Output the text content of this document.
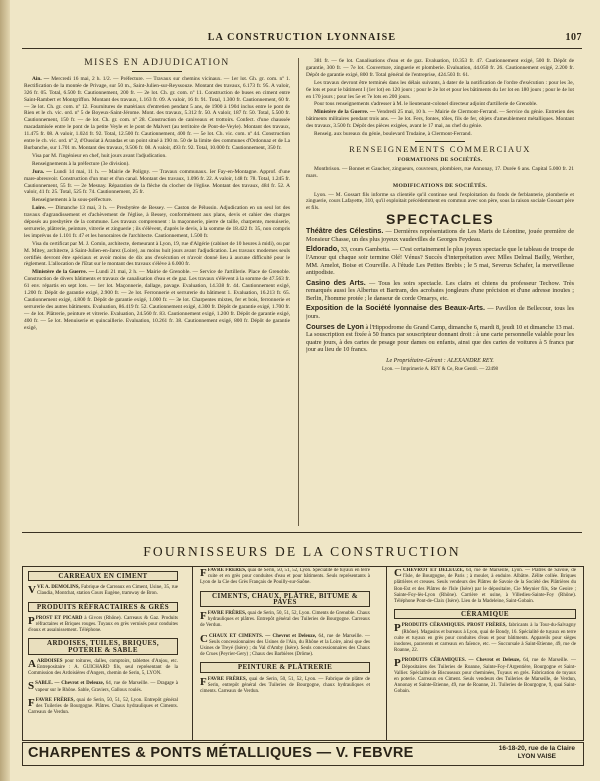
LA CONSTRUCTION LYONNAISE	107
MISES EN ADJUDICATION
Ain. — Mercredi 16 mai, 2 h. 1/2. — Préfecture. — Travaux sur chemins vicinaux. — 1er lot. Gh. gr. com. nº 1. Rectification de la montée de Privage, sur 50 m., Saint-Julien-sur-Reyssouze. Montant des travaux, 6.173 fr. 95. A valoir, 326 fr. 05. Total, 6.500 fr. Cautionnement, 200 fr. — 2e lot. Ch. gr. com. nº 11. Construction de buses en ciment entre Saint-Rambert et Montgriffon. Montant des travaux, 1.163 fr. 09. A valoir, 16 fr. 91. Total, 1.300 fr. Cautionnement, 60 fr. — 3e lot. Ch. gr. com. nº 12. Fournitures de matériaux d'entretien pendant 5 ans, de 1900 à 1904 inclus entre le pont de Rien et le ch. vic. ord. nº 5 de Boyeux-Saint-Jérome. Mont. des travaux, 5.312 fr. 50. A valoir, 187 fr. 50. Total, 5.500 fr. Cautionnement, 150 fr. — 4e lot. Ch. gr. com. nº 28. Construction de caniveaux et trottoirs. Confect. d'une chaussée macadamisée entre le pont de la petite Veyle et le pont de Malvert (au territoire de Pont-de-Veyle). Montant des travaux, 11.475 fr. 08. A valoir, 1.024 fr. 92. Total, 12.500 fr. Cautionnement, 400 fr. — 5e lot. Ch. vic. com. nº 44. Construction entre le ch. vic. ord. nº 2, d'Oussiat à Arandas et un point situé à 190 m. 50 de la limite des communes d'Ordonnaz et de La Burbanche, sur 1.701 m. Montant des travaux, 9.506 fr. 08. A valoir, 493 fr. 92. Total, 10.000 fr. Cautionnement, 350 fr.
Visa par M. l'ingénieur en chef, huit jours avant l'adjudication.
Renseignements à la préfecture (3e division).
Jura. — Lundi 14 mai, 11 h. — Mairie de Poligny. — Travaux communaux. Ier Fay-en-Montagne. Approf. d'une mare-abreuvoir. Construction d'un mur et d'un canal. Montant des travaux, 1.096 fr. 22. A valoir, 148 fr. 78. Total, 1.245 fr. Cautionnement, 55 fr. — 2e Mesnay. Réparation de la flèche du clocher de l'église. Montant des travaux, 484 fr. 52. A valoir, 41 fr. 25. Total, 525 fr. 74. Cautionnement, 25 fr.
Renseignements à la sous-préfecture.
Loire. — Dimanche 13 mai, 3 h. — Presbytère de Bessey. — Caston de Pélussin. Adjudication en un seul lot des travaux d'agrandissement et d'achèvement de l'église, à Bessey, conformément aux plans, devis et cahier des charges déposés au presbytère de la commune. Les travaux comprennent : la maçonnerie, pierre de taille, charpente, menuiserie, serrurerie, plâtrerie, peinture, vitrerie et zinguerie ; ils s'élèvent, d'après le devis, à la somme de 18.422 fr. 35, non compris les imprévus de 1.101 fr. 47 et les honoraires de l'architecte. Cautionnement, 1.500 fr.
Visa du certificat par M. J. Comin, architecte, demeurant à Lyon, 19, rue d'Algérie (cabinet de 10 heures à midi), ou par M. Mitey, architecte, à Saint-Julien-en-Jarez (Loire), au moins huit jours avant l'adjudication. Les travaux modernes seuls certifiés devront être spéciaux et avoir moins de dix ans d'exécution et n'avoir donné lieu à aucune difficulté pour le règlement. L'allocation de l'Etat sur le montant des travaux s'élève à 6.000 fr.
Ministère de la Guerre. — Lundi 21 mai, 2 h. — Mairie de Grenoble. — Service de l'artillerie. Place de Grenoble. Construction de divers bâtiments et travaux de canalisation d'eau et de gaz. Les travaux s'élèvent à la somme de 47.563 fr. 61 env. répartis en sept lots. — 1er lot. Maçonnerie, dallage, pavage. Evaluation, 14.338 fr. 44. Cautionnement exigé, 1.200 fr. Dépôt de garantie exigé, 2.900 fr. — 2e lot. Ferronnerie et serrurerie du bâtiment 1. Evaluation, 16.213 fr. 65. Cautionnement exigé, 4.800 fr. Dépôt de garantie exigé, 1.000 fr. — 3e lot. Charpentes mixtes, fer et bois, ferronnerie et serrurerie des autres bâtiments. Evaluation, 86.419 fr. 52. Cautionnement exigé, 4.300 fr. Dépôt de garantie exigé, 1.700 fr. — 4e lot. Plâtrerie, peinture et vitrerie. Evaluation, 24.560 fr. 83. Cautionnement exigé, 1.200 fr. Dépôt de garantie exigé, 400 fr. — 5e lot. Menuiserie et quincaillerie. Evaluation, 10.261 fr. 38. Cautionnement exigé, 800 fr. Dépôt de garantie exigé,
381 fr. — 6e lot. Canalisations d'eau et de gaz. Evaluation, 10.353 fr. 47. Cautionnement exigé, 500 fr. Dépôt de garantie, 300 fr. — 7e lot. Couverture, zinguerie et plomberie. Evaluation, 44.050 fr. 26. Cautionnement exigé, 2.200 fr. Dépôt de garantie exigé, 800 fr. Total général de l'entreprise, 424.503 fr. 61.
Les travaux devront être terminés dans les délais suivants, à dater de la notification de l'ordre d'exécution : pour les 3e, 6e lots et pour le bâtiment I (1er lot) en 120 jours ; pour le 2e lot et pour les bâtiments du 1er lot en 180 jours ; pour le 4e lot en 170 jours ; pour les 5e et 7e lots en 200 jours.
Pour tous renseignements s'adresser à M. le lieutenant-colonel directeur adjoint d'artillerie de Grenoble.
Ministère de la Guerre. — Vendredi 25 mai, 10 h. — Mairie de Clermont-Ferrand. — Service du génie. Entretien des bâtiments militaires pendant trois ans. — 3e lot. Fers, fontes, tôles, fils de fer, objets d'ameublement métalliques. Montant des travaux, 3.500 fr. Dépôt des pièces exigées, avant le 17 mai, au chef du génie.
Renseig. aux bureaux du génie, boulevard Trudaine, à Clermont-Ferrand.
RENSEIGNEMENTS COMMERCIAUX
FORMATIONS DE SOCIÉTÉS.
Montbrison. — Bonnet et Gaucher, zingueurs, couvreurs, plombiers, rue Annonay, 17. Durée 6 ans. Capital 5.000 fr. 21 mars.
MODIFICATIONS DE SOCIÉTÉS.
Lyon. — M. Gossart fils informe sa clientèle qu'il continue seul l'exploitation du fonds de ferblanterie, plomberie et zinguerie, cours Lafayette, 310, qu'il exploitait précédemment en commun avec son père, sous la raison sociale Gossart père et fils.
SPECTACLES
Théâtre des Célestins. — Dernières représentations de Les Maris de Léontine, jouée première de Monsieur Chasse, un des plus joyeux vaudevilles de Georges Feydeau.
Eldorado, 33, cours Gambetta. — C'est certainement le plus joyeux spectacle que le tableau de troupe de l'Amour qui chaque soir termine Olé! Vénus? Succès d'interprétation avec Mlles Delmal Bailly, Werther, MM. Amelot, Boise et Courville. A l'étude Les Petites Brebis ; le 5 mai, Severus Schafer, la merveilleuse antipodiste.
Casino des Arts. — Tous les soirs spectacle. Les clairs et chiens du professeur Techow. Très remarqués aussi les Albertus et Bartram, des acrobates jongleurs d'une précision et d'une adresse inouïes ; Berlin, l'homme protée ; le danseur de corde Omarys, etc.
Exposition de la Société lyonnaise des Beaux-Arts. — Pavillon de Bellecour, tous les jours.
Courses de Lyon à l'Hippodrome du Grand Camp, dimanche 6, mardi 8, jeudi 10 et dimanche 13 mai. La souscription est fixée à 50 francs par souscripteur donnant droit : à une carte personnelle valable pour les quatre jours, à des cartes de pesage pour dames ou enfants, ainsi que des cartes de voitures à 5 francs par jour au lieu de 10 francs.
Le Propriétaire-Gérant : ALEXANDRE REY.
Lyon. — Imprimerie A. REY & Ce, Rue Gentil. — 22498
FOURNISSEURS DE LA CONSTRUCTION
CARREAUX EN CIMENT
VVE A. DEMOLINS, Fabrique de Carreaux en Ciment, Usine, 35, rue Claudia, Montchat, station Cours Eugène, tramway de Bron.
PRODUITS RÉFRACTAIRES & GRÈS
PPROST ET PICARD à Givors (Rhône). Carreaux & Gaz. Produits réfractaires et Briques rouges. Tuyaux en grès vernisés pour conduites d'eaux et assainissement. Téléphone.
ARDOISES, TUILES, BRIQUES, POTERIE & SABLE
AARDOISES pour toitures, dalles, comptoirs, tablettes d'Anjou, etc. Entrepositaire : A. GUICHARD fils, seul représentant de la Commission des Ardoisières d'Angers, chemin de Serin, 5, LYON.
SSABLE. — Chevrot et Deleuze, 64, rue de Marseille. — Dragage à vapeur sur le Rhône. Sable, Graviers, Galloux roulés.
FFAVRE FRÈRES, quai de Serin, 50, 51, 52, Lyon. Entrepôt général des Tuileries de Bourgogne. Plâtres. Chaux hydrauliques et Ciments. Carreaux de Verdun.
FFAVRE FRÈRES, quai de Serin, 50, 51, 52, Lyon. Spécialité de tuyaux en terre cuite et en grès pour conduites d'eau et pour bâtiments. Seuls représentants à Lyon de la Cie des Grès Français de Pouilly-sur-Saône.
CIMENTS, CHAUX, PLÂTRE, BITUME & PAVÉS
FFAVRE FRÈRES, quai de Serin, 50, 51, 52, Lyon. Ciments de Grenoble. Chaux hydrauliques et plâtres. Entrepôt général des Tuileries de Bourgogne. Carreaux de Verdun.
CCHAUX ET CIMENTS. — Chevrot et Deleuze, 64, rue de Marseille. — Seuls concessionnaires des Usines de l'Ain, du Rhône et la Loire, ainsi que des Usines de Treyé (Isère) ; du Val d'Amby (Isère). Seuls concessionnaires des Chaux de Crues (Peyrier-Gery) ; Chaux des Barbières (Drôme).
PEINTURE & PLÂTRERIE
FFAVRE FRÈRES, quai de Serin, 50, 51, 52, Lyon. — Fabrique de plâtre de Serin, entrepôt général des Tuileries de Bourgogne, chaux hydrauliques et ciments. Carreaux de Verdun.
CCHEVROT ET DELEUZE, 64, rue de Marseille, Lyon. — Plâtres de Savoie, de l'Isle, de Bourgogne, de Paris ; à mouler, à enduire. Albâtre. Zélite collée. Briques plâtrières et creuses. Seuls vendeurs des Plâtres de Savoie de la Société des Plâtrières du Bon-Est et des Plâtres de l'Isle (Isère) par le dépositaire, Cie Meynier fils, Ste Geoire ; Sainte-Foy-lès-Lyon (Rhône). Carrière et usine, à Villedieu-Sainte-Foy (Rhône). Téléphone Pont-de-Claix (Isère). Lieu de la Madeleine, Saint-Gobain.
CÉRAMIQUE
PPRODUITS CÉRAMIQUES. PROST FRÈRES, fabricants à la Tour-du-Salvagny (Rhône). Magasins et bureaux à Lyon, quai de Bondy, 16. Spécialité de tuyaux en terre cuite et tuyaux en grès pour conduites d'eau et pour bâtiments. Appareils pour sièges inodores, paravents et carreaux en faïence, etc. — Succursale à Saint-Etienne, 49, rue de Roanne, 22.
PPRODUITS CÉRAMIQUES. — Chevrot et Deleuze, 64, rue de Marseille. — Dépositaires des Tuileries de Roanne, Sainte-Foy-l'Argentière, Bourgogne et Saint-Vallier. Spécialité de Biscuseaux pour cheminées, Tuyaux en grès. Fabrication de tuyaux en poterie. Carreaux en Ciment. Seuls vendeurs des Tuileries de Marseille, de Verdun, Annonay et Sainte-Etienne, 49, rue de Roanne, 21. Tuileries de Bourgogne, 9, quai Saint-Gobain.
CHARPENTES & PONTS MÉTALLIQUES — V. FEBVRE	16-18-20, rue de la Claire
LYON VAISE
